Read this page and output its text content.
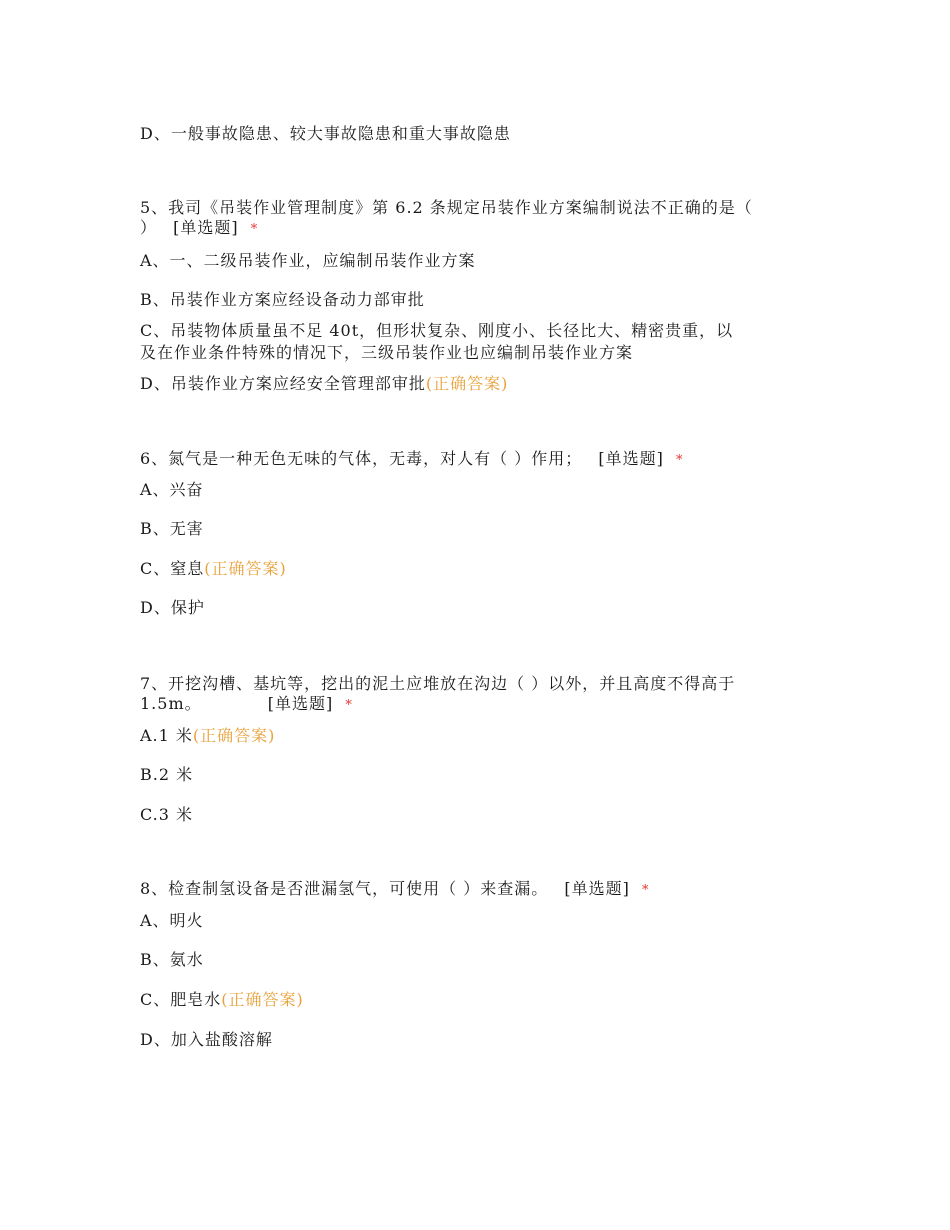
D、一般事故隐患、较大事故隐患和重大事故隐患
5、我司《吊装作业管理制度》第 6.2 条规定吊装作业方案编制说法不正确的是（
） [单选题] *
A、一、二级吊装作业，应编制吊装作业方案
B、吊装作业方案应经设备动力部审批
C、吊装物体质量虽不足 40t，但形状复杂、刚度小、长径比大、精密贵重，以
及在作业条件特殊的情况下，三级吊装作业也应编制吊装作业方案
D、吊装作业方案应经安全管理部审批(正确答案)
6、氮气是一种无色无味的气体，无毒，对人有（ ）作用； [单选题] *
A、兴奋
B、无害
C、窒息(正确答案)
D、保护
7、开挖沟槽、基坑等，挖出的泥土应堆放在沟边（ ）以外，并且高度不得高于
1.5m。	[单选题] *
A.1 米(正确答案)
B.2 米
C.3 米
8、检查制氢设备是否泄漏氢气，可使用（ ）来查漏。 [单选题] *
A、明火
B、氨水
C、肥皂水(正确答案)
D、加入盐酸溶解
